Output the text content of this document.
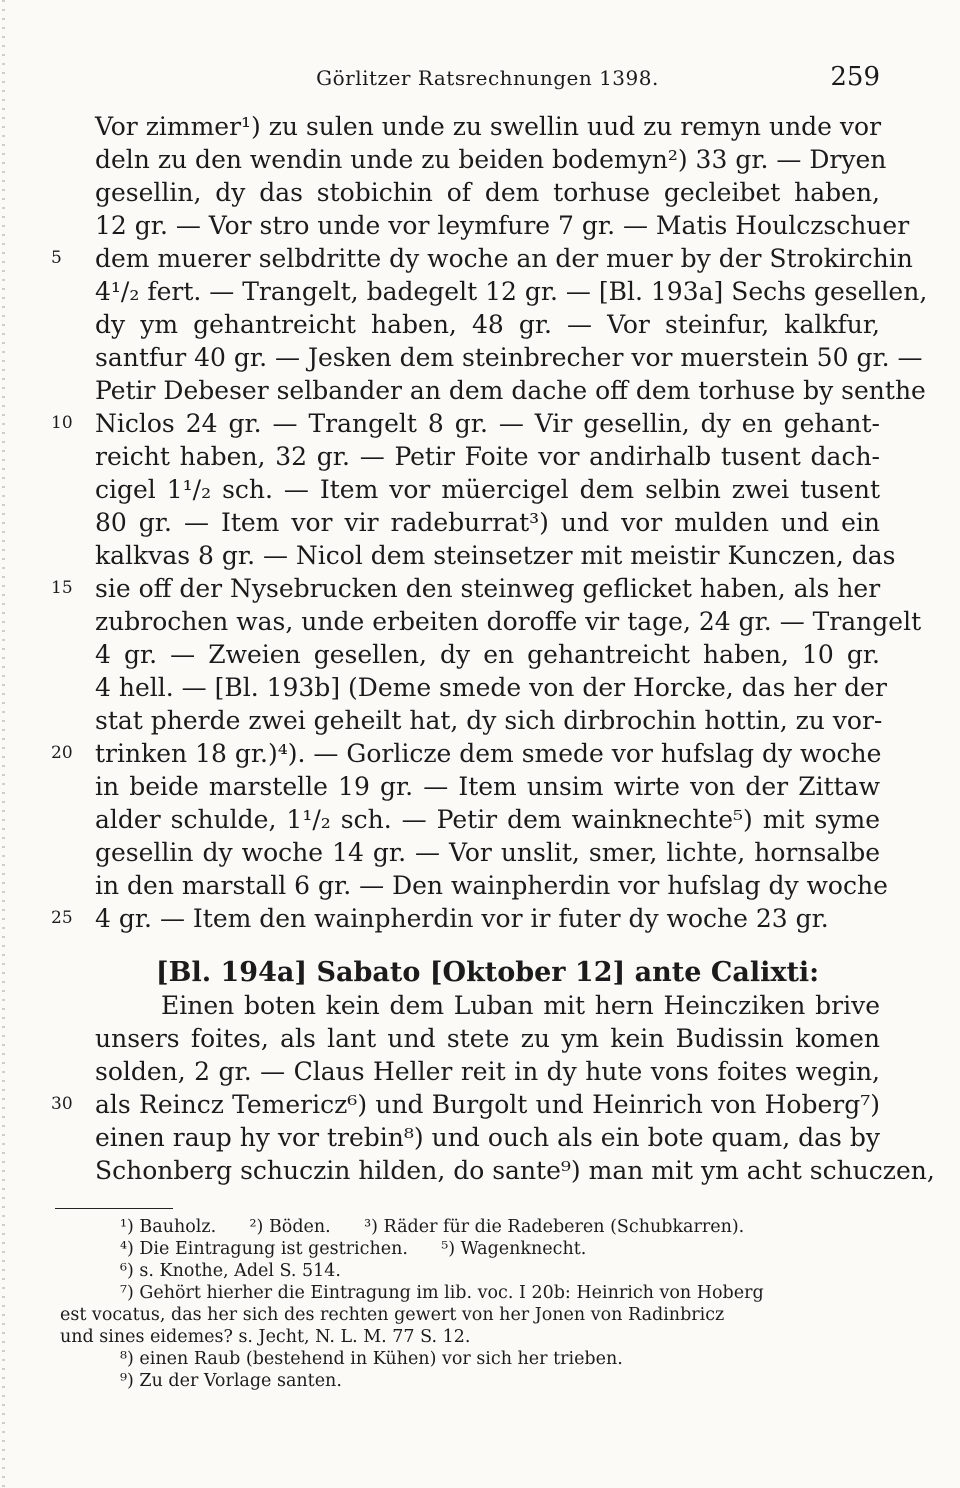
Görlitzer Ratsrechnungen 1398.	259
Vor zimmer¹) zu sulen unde zu swellin uud zu remyn unde vor
deln zu den wendin unde zu beiden bodemyn²) 33 gr. — Dryen
gesellin, dy das stobichin of dem torhuse gecleibet haben,
12 gr. — Vor stro unde vor leymfure 7 gr. — Matis Houlczschuer
dem muerer selbdritte dy woche an der muer by der Strokirchin
5
4¹/₂ fert. — Trangelt, badegelt 12 gr. — [Bl. 193a] Sechs gesellen,
dy ym gehantreicht haben, 48 gr. — Vor steinfur, kalkfur,
santfur 40 gr. — Jesken dem steinbrecher vor muerstein 50 gr. —
Petir Debeser selbander an dem dache off dem torhuse by senthe
Niclos 24 gr. — Trangelt 8 gr. — Vir gesellin, dy en gehant-
10
reicht haben, 32 gr. — Petir Foite vor andirhalb tusent dach-
cigel 1¹/₂ sch. — Item vor müercigel dem selbin zwei tusent
80 gr. — Item vor vir radeburrat³) und vor mulden und ein
kalkvas 8 gr. — Nicol dem steinsetzer mit meistir Kunczen, das
sie off der Nysebrucken den steinweg geflicket haben, als her
15
zubrochen was, unde erbeiten doroffe vir tage, 24 gr. — Trangelt
4 gr. — Zweien gesellen, dy en gehantreicht haben, 10 gr.
4 hell. — [Bl. 193b] (Deme smede von der Horcke, das her der
stat pherde zwei geheilt hat, dy sich dirbrochin hottin, zu vor-
trinken 18 gr.)⁴). — Gorlicze dem smede vor hufslag dy woche
20
in beide marstelle 19 gr. — Item unsim wirte von der Zittaw
alder schulde, 1¹/₂ sch. — Petir dem wainknechte⁵) mit syme
gesellin dy woche 14 gr. — Vor unslit, smer, lichte, hornsalbe
in den marstall 6 gr. — Den wainpherdin vor hufslag dy woche
4 gr. — Item den wainpherdin vor ir futer dy woche 23 gr.
25
[Bl. 194a] Sabato [Oktober 12] ante Calixti:
Einen boten kein dem Luban mit hern Heincziken brive
unsers foites, als lant und stete zu ym kein Budissin komen
solden, 2 gr. — Claus Heller reit in dy hute vons foites wegin,
als Reincz Temericz⁶) und Burgolt und Heinrich von Hoberg⁷)
30
einen raup hy vor trebin⁸) und ouch als ein bote quam, das by
Schonberg schuczin hilden, do sante⁹) man mit ym acht schuczen,
¹) Bauholz.      ²) Böden.      ³) Räder für die Radeberen (Schubkarren).
⁴) Die Eintragung ist gestrichen.      ⁵) Wagenknecht.
⁶) s. Knothe, Adel S. 514.
⁷) Gehört hierher die Eintragung im lib. voc. I 20b: Heinrich von Hoberg
est vocatus, das her sich des rechten gewert von her Jonen von Radinbricz
und sines eidemes? s. Jecht, N. L. M. 77 S. 12.
⁸) einen Raub (bestehend in Kühen) vor sich her trieben.
⁹) Zu der Vorlage santen.
